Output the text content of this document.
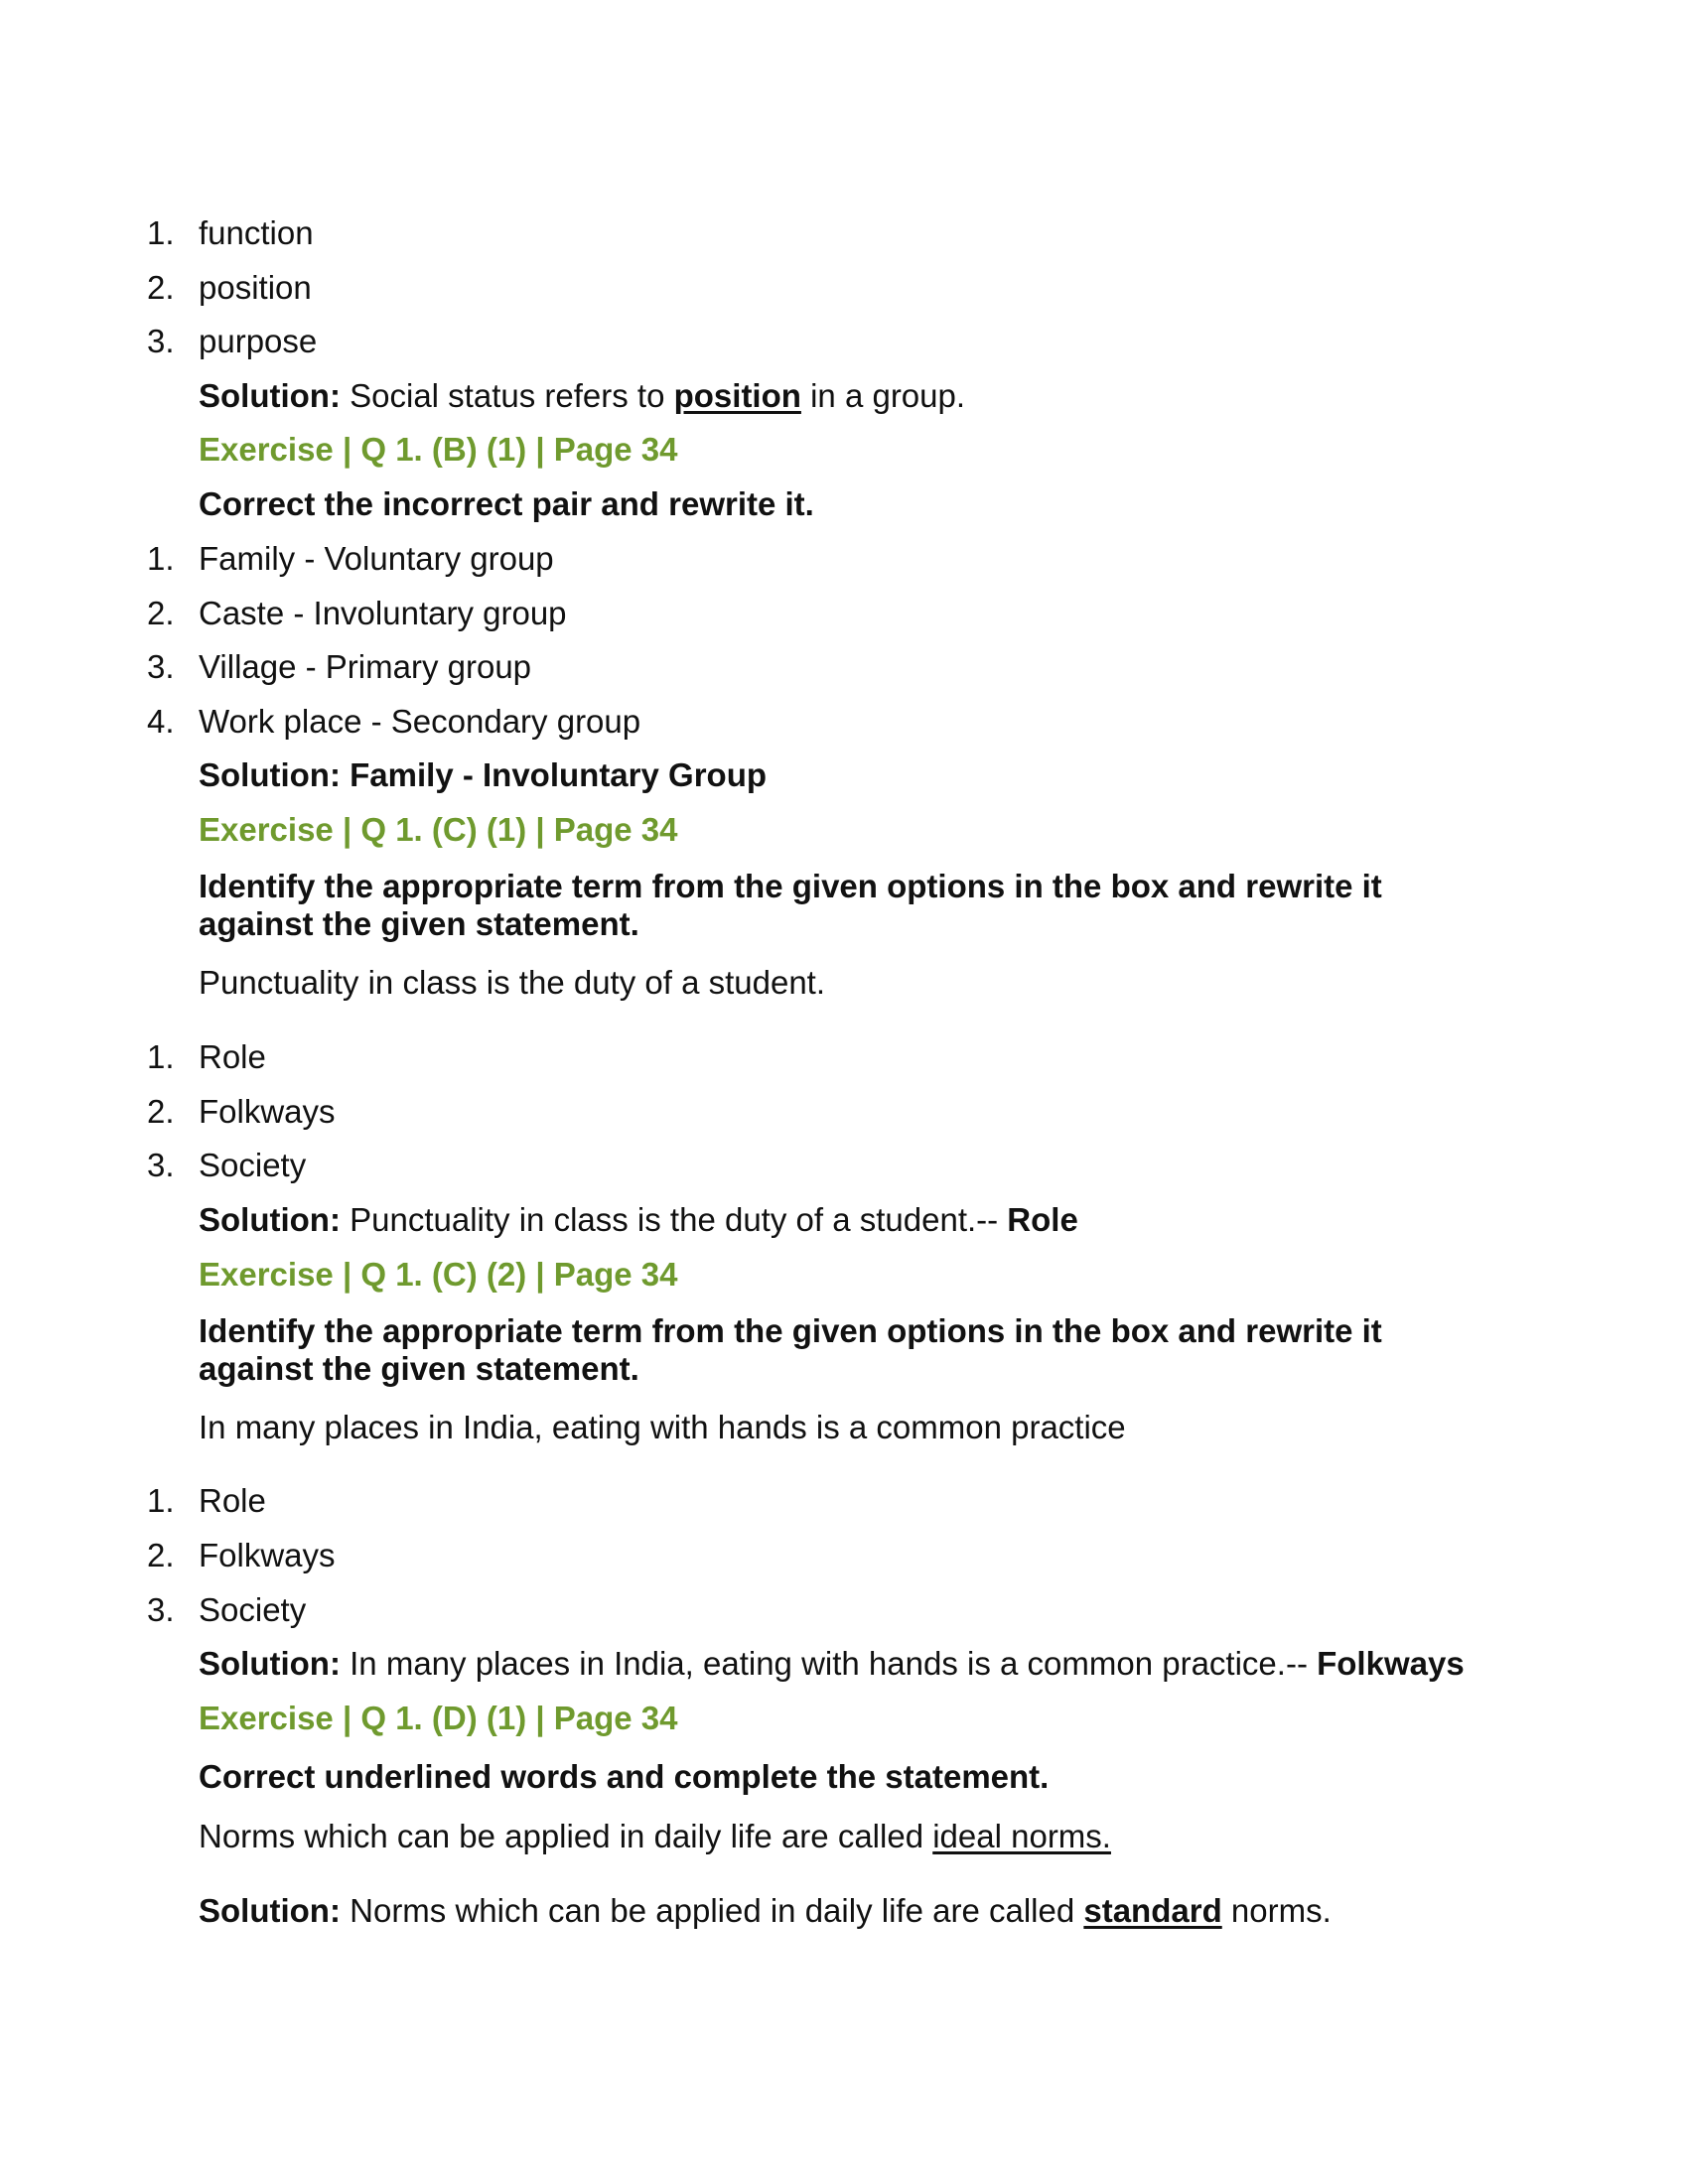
1. function
2. position
3. purpose
Solution: Social status refers to position in a group.
Exercise | Q 1. (B) (1) | Page 34
Correct the incorrect pair and rewrite it.
1. Family - Voluntary group
2. Caste - Involuntary group
3. Village - Primary group
4. Work place - Secondary group
Solution: Family - Involuntary Group
Exercise | Q 1. (C) (1) | Page 34
Identify the appropriate term from the given options in the box and rewrite it against the given statement.
Punctuality in class is the duty of a student.
1. Role
2. Folkways
3. Society
Solution: Punctuality in class is the duty of a student.-- Role
Exercise | Q 1. (C) (2) | Page 34
Identify the appropriate term from the given options in the box and rewrite it against the given statement.
In many places in India, eating with hands is a common practice
1. Role
2. Folkways
3. Society
Solution: In many places in India, eating with hands is a common practice.-- Folkways
Exercise | Q 1. (D) (1) | Page 34
Correct underlined words and complete the statement.
Norms which can be applied in daily life are called ideal norms.
Solution: Norms which can be applied in daily life are called standard norms.
